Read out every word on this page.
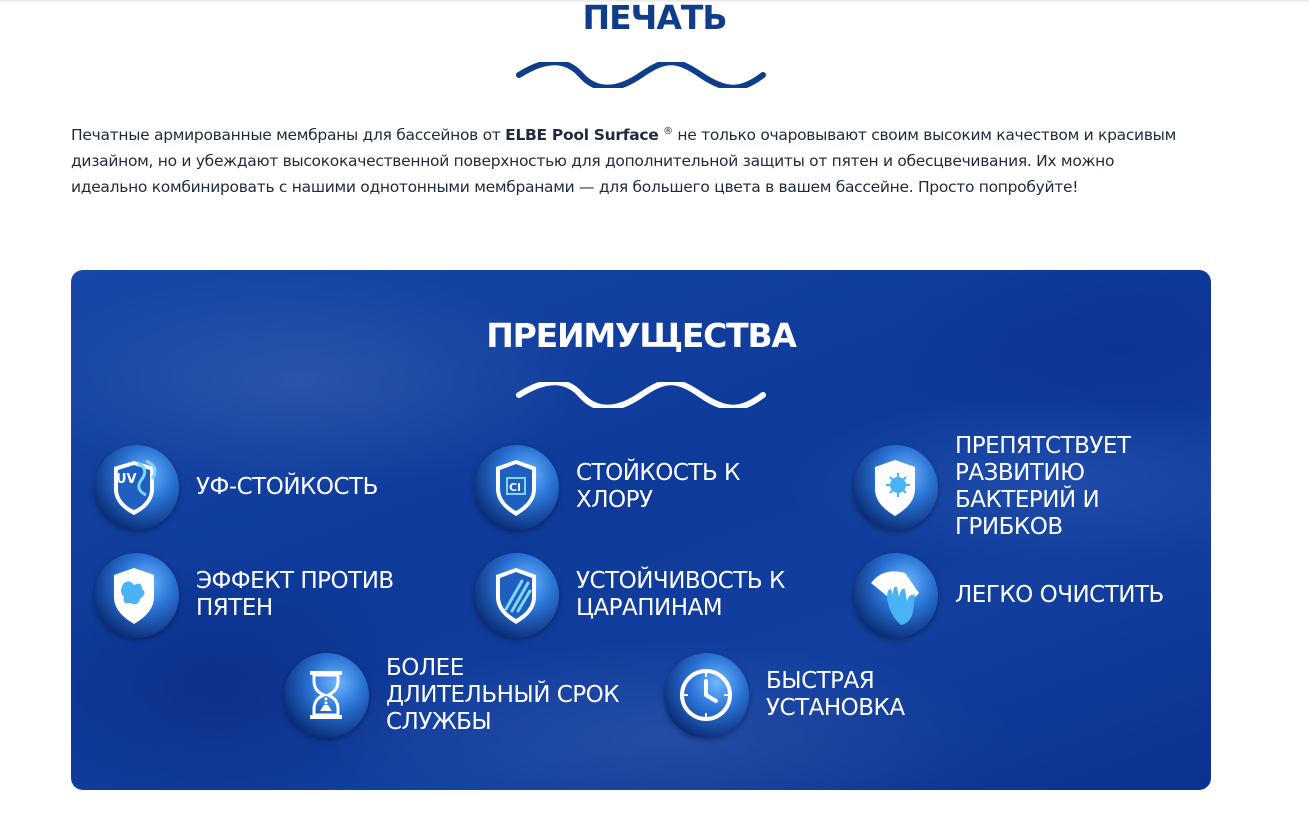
ПЕЧАТЬ

Печатные армированные мембраны для бассейнов от ELBE Pool Surface ® не только очаровывают своим высоким качеством и красивым дизайном, но и убеждают высококачественной поверхностью для дополнительной защиты от пятен и обесцвечивания. Их можно идеально комбинировать с нашими однотонными мембранами — для большего цвета в вашем бассейне. Просто попробуйте!

ПРЕИМУЩЕСТВА
UV	УФ-СТОЙКОСТЬ	Cl
СТОЙКОСТЬ К ХЛОРУ
ПРЕПЯТСТВУЕТ РАЗВИТИЮ БАКТЕРИЙ И ГРИБКОВ
ЭФФЕКТ ПРОТИВ ПЯТЕН
УСТОЙЧИВОСТЬ К ЦАРАПИНАМ
ЛЕГКО ОЧИСТИТЬ
БОЛЕЕ ДЛИТЕЛЬНЫЙ СРОК СЛУЖБЫ
БЫСТРАЯ УСТАНОВКА
